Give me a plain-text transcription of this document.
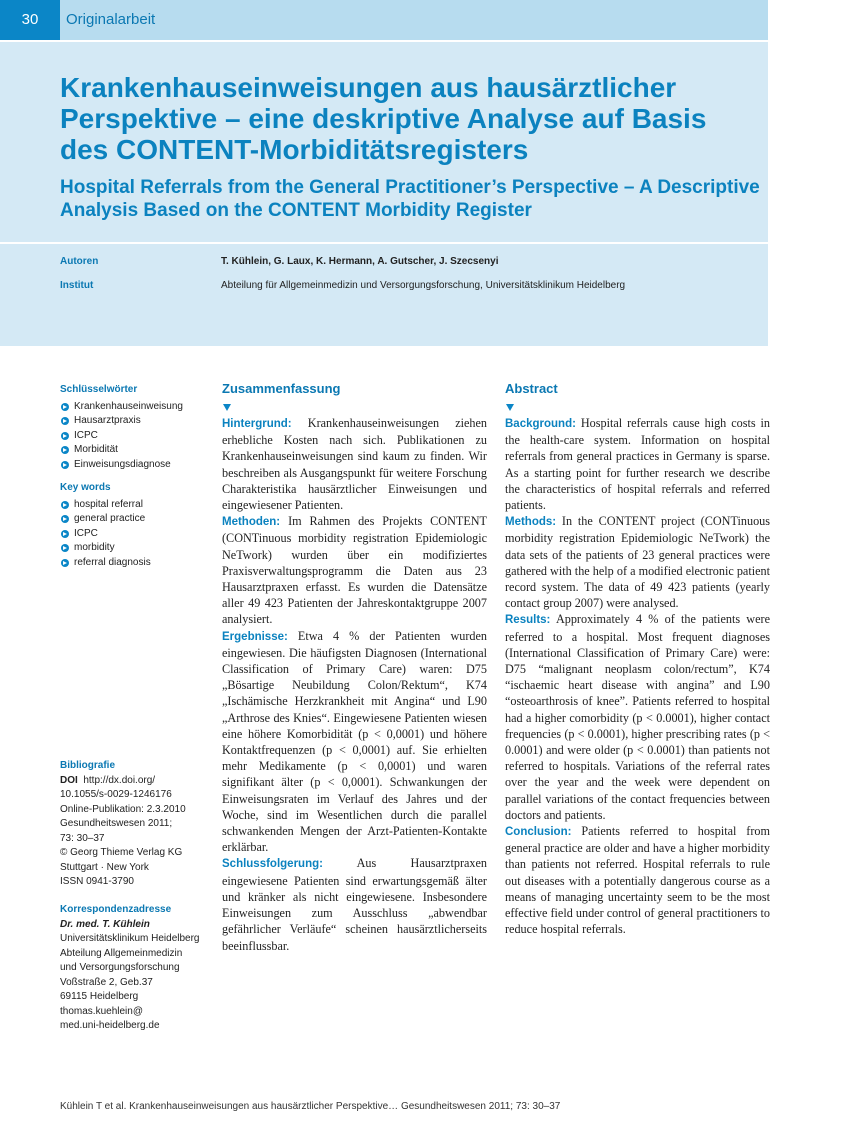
30	Originalarbeit
Krankenhauseinweisungen aus hausärztlicher Perspektive – eine deskriptive Analyse auf Basis des CONTENT-Morbiditätsregisters
Hospital Referrals from the General Practitioner’s Perspective – A Descriptive Analysis Based on the CONTENT Morbidity Register
Autoren	T. Kühlein, G. Laux, K. Hermann, A. Gutscher, J. Szecsenyi
Institut	Abteilung für Allgemeinmedizin und Versorgungsforschung, Universitätsklinikum Heidelberg
Schlüsselwörter
Krankenhauseinweisung
Hausarztpraxis
ICPC
Morbidität
Einweisungsdiagnose
Key words
hospital referral
general practice
ICPC
morbidity
referral diagnosis
Bibliografie
DOI http://dx.doi.org/
10.1055/s-0029-1246176
Online-Publikation: 2.3.2010
Gesundheitswesen 2011;
73: 30–37
© Georg Thieme Verlag KG
Stuttgart · New York
ISSN 0941-3790
Korrespondenzadresse
Dr. med. T. Kühlein
Universitätsklinikum Heidelberg
Abteilung Allgemeinmedizin
und Versorgungsforschung
Voßstraße 2, Geb.37
69115 Heidelberg
thomas.kuehlein@
med.uni-heidelberg.de
Zusammenfassung

Hintergrund: Krankenhauseinweisungen ziehen erhebliche Kosten nach sich. Publikationen zu Krankenhauseinweisungen sind kaum zu finden. Wir beschreiben als Ausgangspunkt für weitere Forschung Charakteristika hausärztlicher Einweisungen und eingewiesener Patienten.

Methoden: Im Rahmen des Projekts CONTENT (CONTinuous morbidity registration Epidemiologic NeTwork) wurden über ein modifiziertes Praxisverwaltungsprogramm die Daten aus 23 Hausarztpraxen erfasst. Es wurden die Datensätze aller 49 423 Patienten der Jahreskontaktgruppe 2007 analysiert.

Ergebnisse: Etwa 4 % der Patienten wurden eingewiesen. Die häufigsten Diagnosen (International Classification of Primary Care) waren: D75 „Bösartige Neubildung Colon/Rektum“, K74 „Ischämische Herzkrankheit mit Angina“ und L90 „Arthrose des Knies“. Eingewiesene Patienten wiesen eine höhere Komorbidität (p < 0,0001) und höhere Kontaktfrequenzen (p < 0,0001) auf. Sie erhielten mehr Medikamente (p < 0,0001) und waren signifikant älter (p < 0,0001). Schwankungen der Einweisungsraten im Verlauf des Jahres und der Woche, sind im Wesentlichen durch die parallel schwankenden Mengen der Arzt-Patienten-Kontakte erklärbar.

Schlussfolgerung:	Aus Hausarztpraxen eingewiesene Patienten sind erwartungsgemäß älter und kränker als nicht eingewiesene. Insbesondere Einweisungen zum Ausschluss „abwendbar gefährlicher Verläufe“ scheinen hausärztlicherseits beeinflussbar.

Abstract

Background: Hospital referrals cause high costs in the health-care system. Information on hospital referrals from general practices in Germany is sparse. As a starting point for further research we describe the characteristics of hospital referrals and referred patients.

Methods: In the CONTENT project (CONTinuous morbidity registration Epidemiologic NeTwork) the data sets of the patients of 23 general practices were gathered with the help of a modified electronic patient record system. The data of 49 423 patients (yearly contact group 2007) were analysed.

Results: Approximately 4 % of the patients were referred to a hospital. Most frequent diagnoses (International Classification of Primary Care) were: D75 “malignant neoplasm colon/rectum”, K74 “ischaemic heart disease with angina” and L90 “osteoarthrosis of knee”. Patients referred to hospital had a higher comorbidity (p < 0.0001), higher contact frequencies (p < 0.0001), higher prescribing rates (p < 0.0001) and were older (p < 0.0001) than patients not referred to hospitals. Variations of the referral rates over the year and the week were dependent on parallel variations of the contact frequencies between doctors and patients.

Conclusion: Patients referred to hospital from general practice are older and have a higher morbidity than patients not referred. Hospital referrals to rule out diseases with a potentially dangerous course as a means of managing uncertainty seem to be the most effective field under control of general practitioners to reduce hospital referrals.

Kühlein T et al. Krankenhauseinweisungen aus hausärztlicher Perspektive… Gesundheitswesen 2011; 73: 30–37
